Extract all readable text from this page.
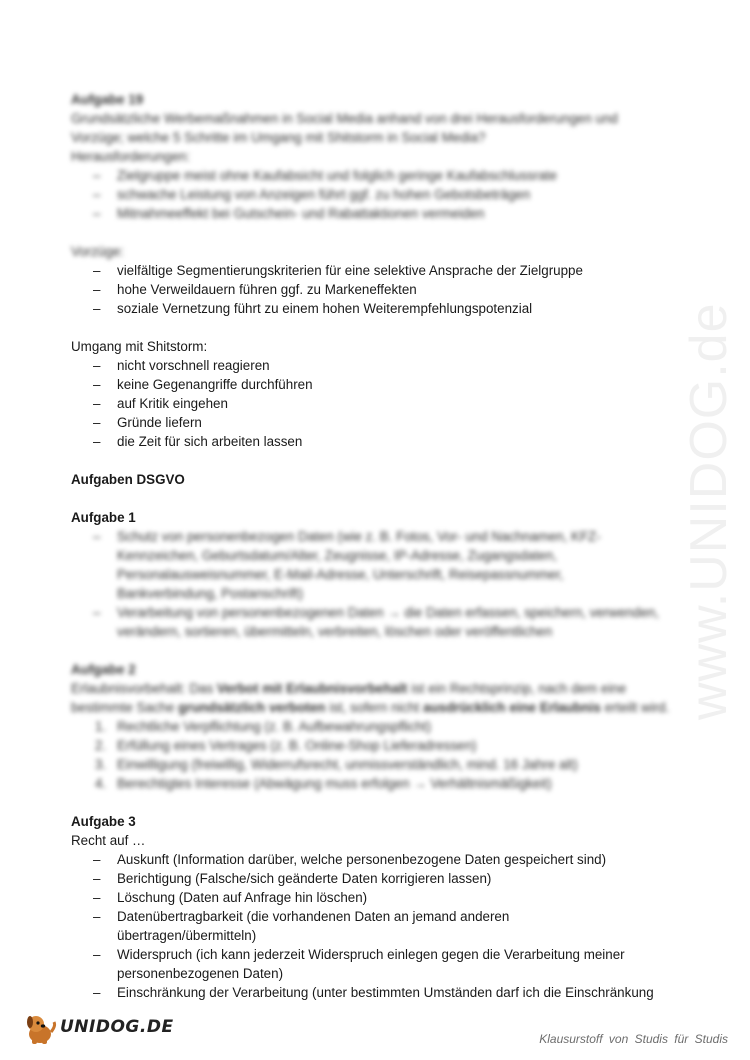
www.UNIDOG.de

Aufgabe 19

Grundsätzliche Werbemaßnahmen in Social Media anhand von drei Herausforderungen und

Vorzüge; welche 5 Schritte im Umgang mit Shitstorm in Social Media?

Herausforderungen:

– Zielgruppe meist ohne Kaufabsicht und folglich geringe Kaufabschlussrate
– schwache Leistung von Anzeigen führt ggf. zu hohen Gebotsbeträgen
– Mitnahmeeffekt bei Gutschein- und Rabattaktionen vermeiden

Vorzüge:

– vielfältige Segmentierungskriterien für eine selektive Ansprache der Zielgruppe
– hohe Verweildauern führen ggf. zu Markeneffekten
– soziale Vernetzung führt zu einem hohen Weiterempfehlungspotenzial

Umgang mit Shitstorm:

– nicht vorschnell reagieren
– keine Gegenangriffe durchführen
– auf Kritik eingehen
– Gründe liefern
– die Zeit für sich arbeiten lassen

Aufgaben DSGVO

Aufgabe 1

– Schutz von personenbezogen Daten (wie z. B. Fotos, Vor- und Nachnamen, KFZ-
Kennzeichen, Geburtsdatum/Alter, Zeugnisse, IP-Adresse, Zugangsdaten,
Personalausweisnummer, E-Mail-Adresse, Unterschrift, Reisepassnummer,
Bankverbindung, Postanschrift)
– Verarbeitung von personenbezogenen Daten → die Daten erfassen, speichern, verwenden,
verändern, sortieren, übermitteln, verbreiten, löschen oder veröffentlichen

Aufgabe 2

Erlaubnisvorbehalt: Das Verbot mit Erlaubnisvorbehalt ist ein Rechtsprinzip, nach dem eine
bestimmte Sache grundsätzlich verboten ist, sofern nicht ausdrücklich eine Erlaubnis erteilt wird.

1. Rechtliche Verpflichtung (z. B. Aufbewahrungspflicht)
2. Erfüllung eines Vertrages (z. B. Online-Shop Lieferadressen)
3. Einwilligung (freiwillig, Widerrufsrecht, unmissverständlich, mind. 16 Jahre alt)
4. Berechtigtes Interesse (Abwägung muss erfolgen → Verhältnismäßigkeit)

Aufgabe 3

Recht auf …

– Auskunft (Information darüber, welche personenbezogene Daten gespeichert sind)
– Berichtigung (Falsche/sich geänderte Daten korrigieren lassen)
– Löschung (Daten auf Anfrage hin löschen)
– Datenübertragbarkeit (die vorhandenen Daten an jemand anderen
übertragen/übermitteln)
– Widerspruch (ich kann jederzeit Widerspruch einlegen gegen die Verarbeitung meiner
personenbezogenen Daten)
– Einschränkung der Verarbeitung (unter bestimmten Umständen darf ich die Einschränkung
UNIDOG.DE
Klausurstoff von Studis für Studis
